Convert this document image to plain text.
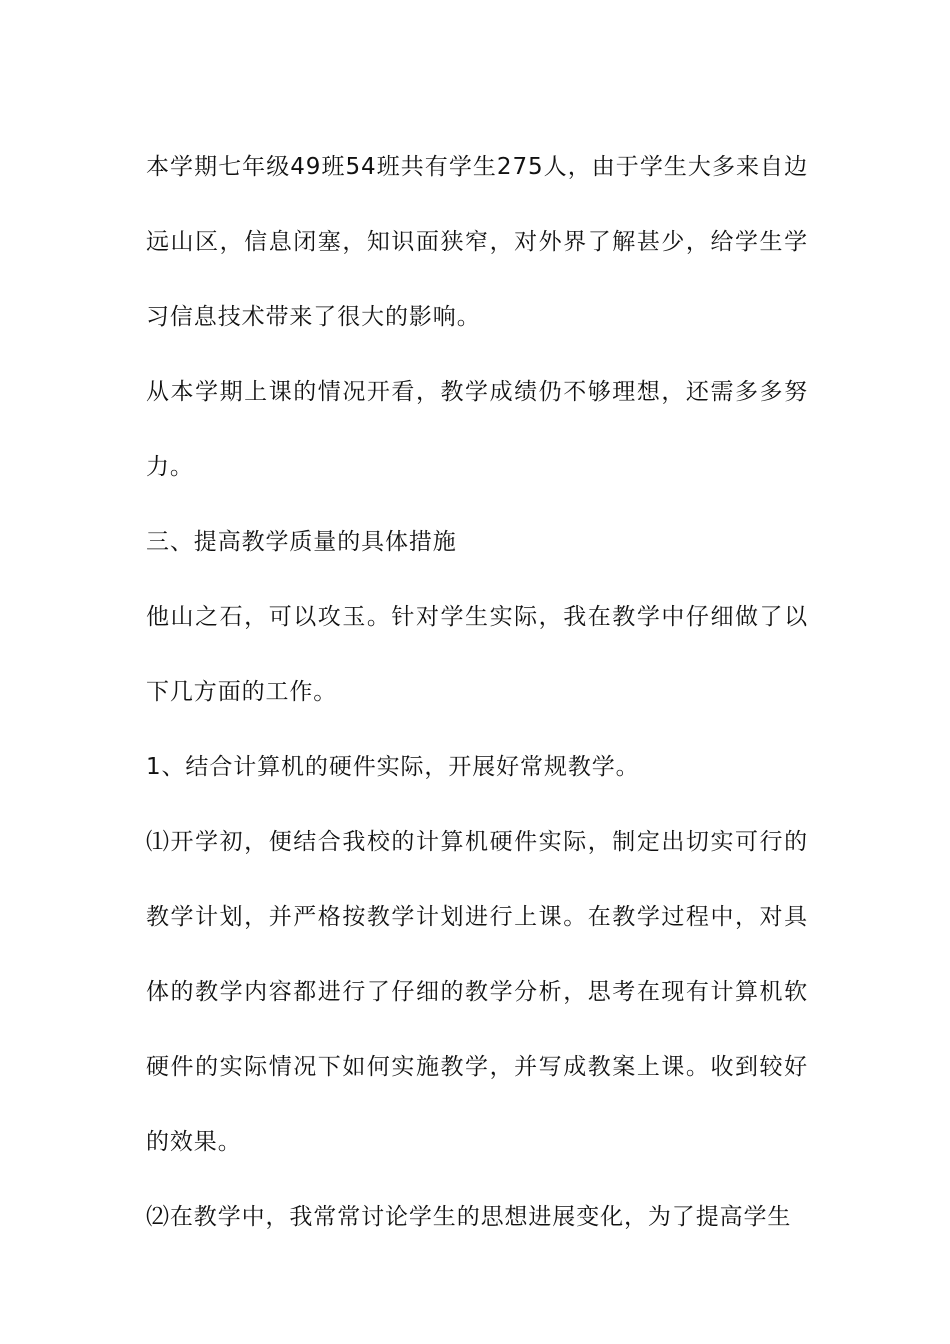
本学期七年级49班54班共有学生275人，由于学生大多来自边远山区，信息闭塞，知识面狭窄，对外界了解甚少，给学生学习信息技术带来了很大的影响。

从本学期上课的情况开看，教学成绩仍不够理想，还需多多努力。

三、提高教学质量的具体措施

他山之石，可以攻玉。针对学生实际，我在教学中仔细做了以下几方面的工作。

1、结合计算机的硬件实际，开展好常规教学。

⑴开学初，便结合我校的计算机硬件实际，制定出切实可行的教学计划，并严格按教学计划进行上课。在教学过程中，对具体的教学内容都进行了仔细的教学分析，思考在现有计算机软硬件的实际情况下如何实施教学，并写成教案上课。收到较好的效果。

⑵在教学中，我常常讨论学生的思想进展变化，为了提高学生
